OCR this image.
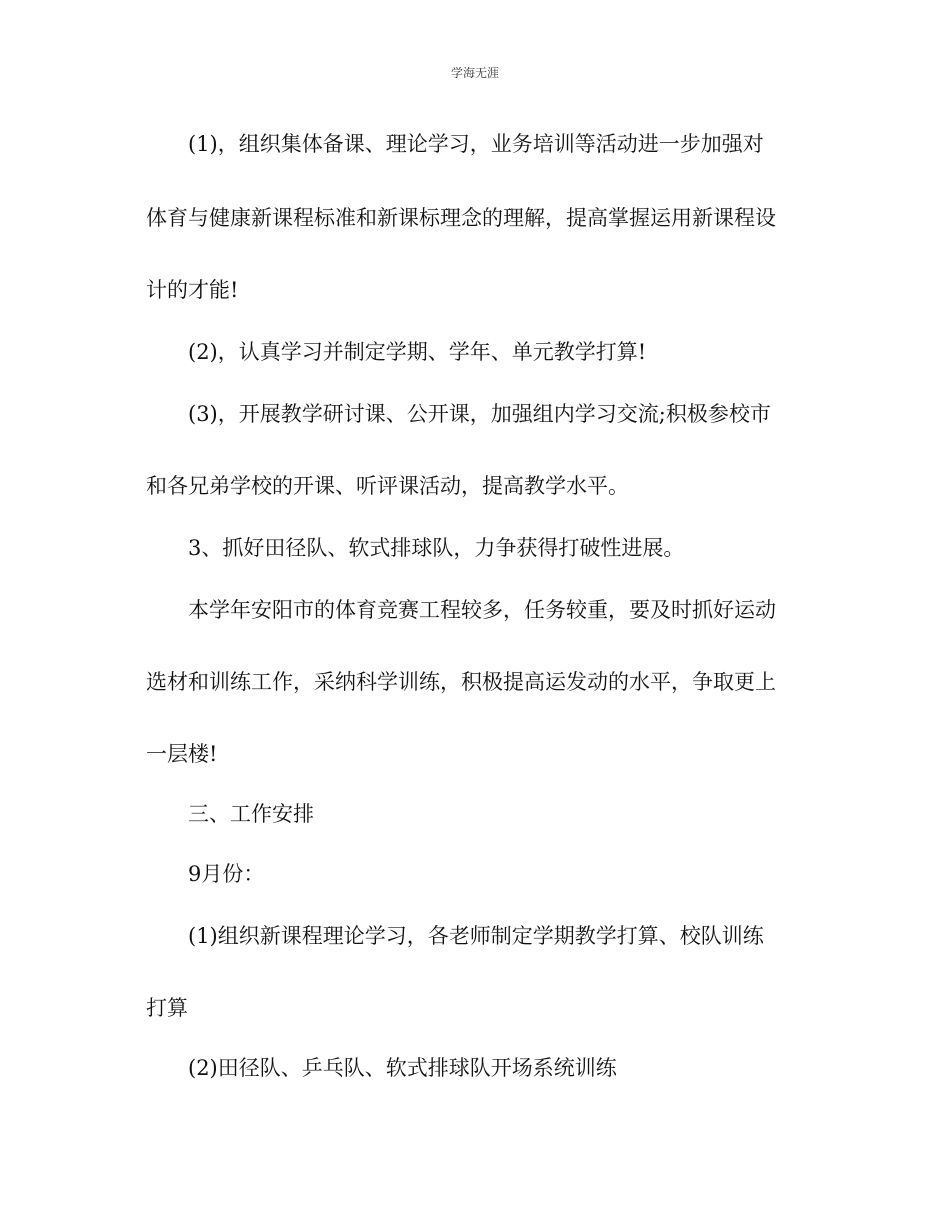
学海无涯
(1)，组织集体备课、理论学习，业务培训等活动进一步加强对
体育与健康新课程标准和新课标理念的理解，提高掌握运用新课程设
计的才能!
(2)，认真学习并制定学期、学年、单元教学打算!
(3)，开展教学研讨课、公开课，加强组内学习交流;积极参校市
和各兄弟学校的开课、听评课活动，提高教学水平。
3、抓好田径队、软式排球队，力争获得打破性进展。
本学年安阳市的体育竞赛工程较多，任务较重，要及时抓好运动
选材和训练工作，采纳科学训练，积极提高运发动的水平，争取更上
一层楼!
三、工作安排
9月份：
(1)组织新课程理论学习，各老师制定学期教学打算、校队训练
打算
(2)田径队、乒乓队、软式排球队开场系统训练
